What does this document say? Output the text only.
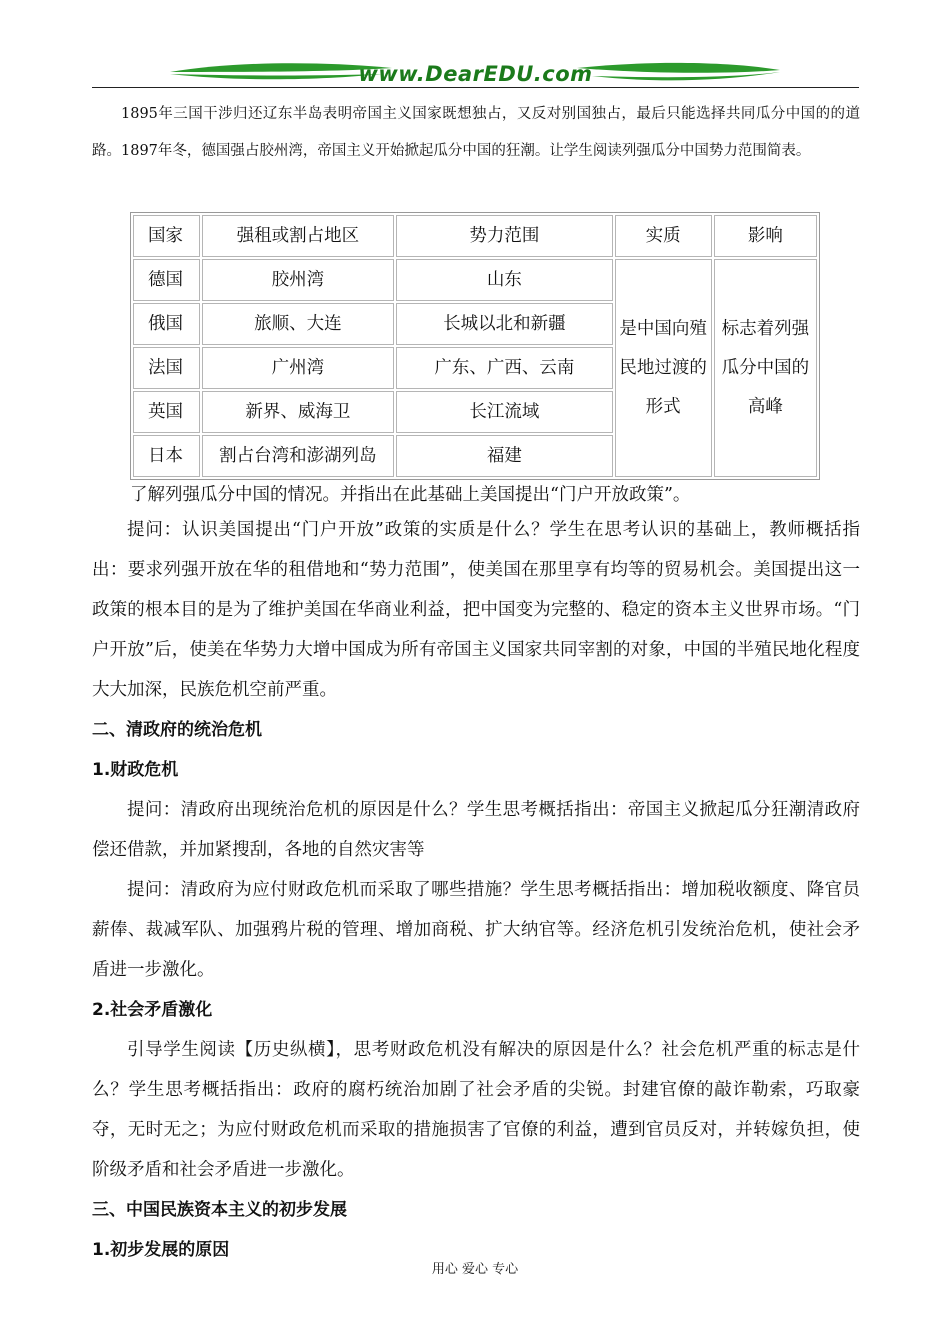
www.DearEDU.com

1895年三国干涉归还辽东半岛表明帝国主义国家既想独占，又反对别国独占，最后只能选择共同瓜分中国的的道路。1897年冬，德国强占胶州湾，帝国主义开始掀起瓜分中国的狂潮。让学生阅读列强瓜分中国势力范围简表。

国家	强租或割占地区	势力范围	实质	影响
德国	胶州湾	山东	是中国向殖民地过渡的形式	标志着列强瓜分中国的高峰
俄国	旅顺、大连	长城以北和新疆		
法国	广州湾	广东、广西、云南		
英国	新界、威海卫	长江流域		
日本	割占台湾和澎湖列岛	福建		
了解列强瓜分中国的情况。并指出在此基础上美国提出“门户开放政策”。

提问：认识美国提出“门户开放”政策的实质是什么？学生在思考认识的基础上，教师概括指出：要求列强开放在华的租借地和“势力范围”，使美国在那里享有均等的贸易机会。美国提出这一政策的根本目的是为了维护美国在华商业利益，把中国变为完整的、稳定的资本主义世界市场。“门户开放”后，使美在华势力大增中国成为所有帝国主义国家共同宰割的对象，中国的半殖民地化程度大大加深，民族危机空前严重。

二、清政府的统治危机
1.财政危机

提问：清政府出现统治危机的原因是什么？学生思考概括指出：帝国主义掀起瓜分狂潮清政府偿还借款，并加紧搜刮，各地的自然灾害等

提问：清政府为应付财政危机而采取了哪些措施？学生思考概括指出：增加税收额度、降官员薪俸、裁减军队、加强鸦片税的管理、增加商税、扩大纳官等。经济危机引发统治危机，使社会矛盾进一步激化。

2.社会矛盾激化

引导学生阅读【历史纵横】，思考财政危机没有解决的原因是什么？社会危机严重的标志是什么？学生思考概括指出：政府的腐朽统治加剧了社会矛盾的尖锐。封建官僚的敲诈勒索，巧取豪夺，无时无之；为应付财政危机而采取的措施损害了官僚的利益，遭到官员反对，并转嫁负担，使阶级矛盾和社会矛盾进一步激化。

三、中国民族资本主义的初步发展
1.初步发展的原因
用心 爱心 专心
